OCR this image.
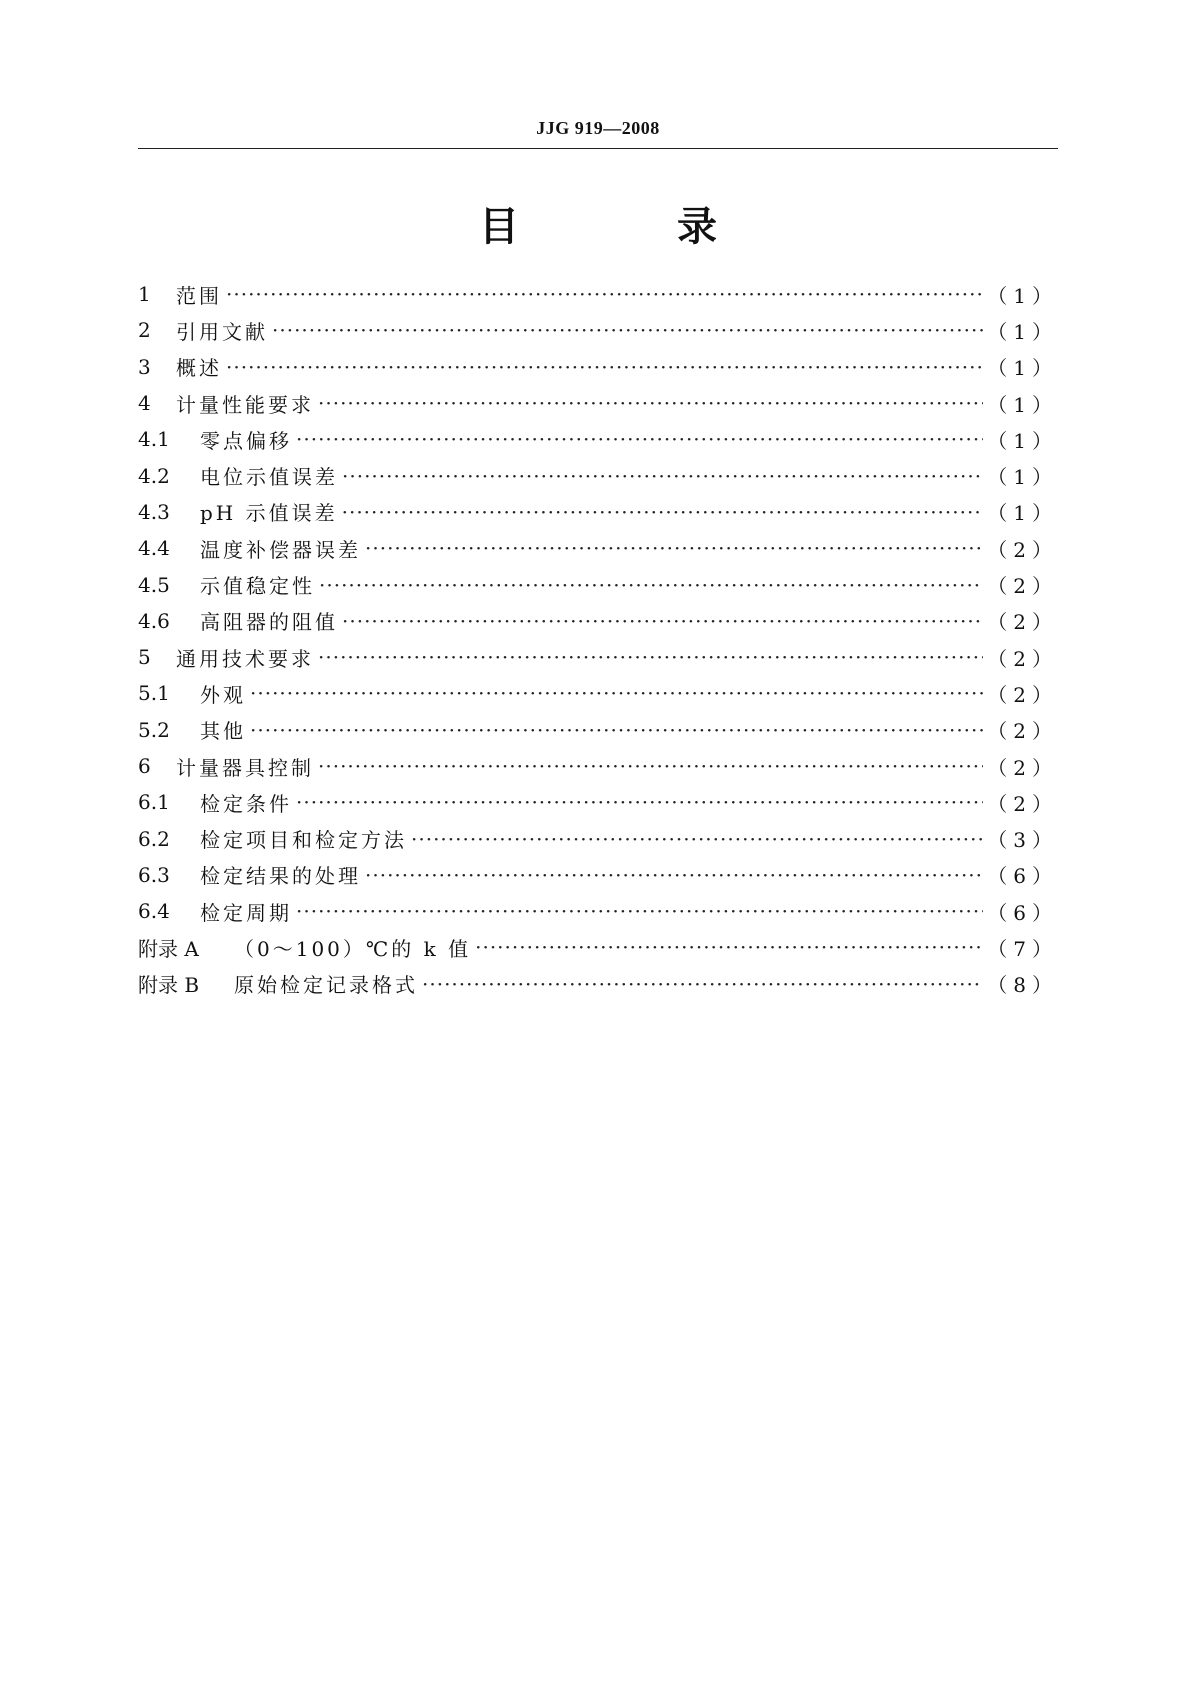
JJG 919—2008
目 录
1	范围 ·····	（1）
2	引用文献 ·····	（1）
3	概述 ·····	（1）
4	计量性能要求 ·····	（1）
4.1	零点偏移 ·····	（1）
4.2	电位示值误差 ·····	（1）
4.3	pH 示值误差 ·····	（1）
4.4	温度补偿器误差 ·····	（2）
4.5	示值稳定性 ·····	（2）
4.6	高阻器的阻值 ·····	（2）
5	通用技术要求 ·····	（2）
5.1	外观 ·····	（2）
5.2	其他 ·····	（2）
6	计量器具控制 ·····	（2）
6.1	检定条件 ·····	（2）
6.2	检定项目和检定方法 ·····	（3）
6.3	检定结果的处理 ·····	（6）
6.4	检定周期 ·····	（6）
附录 A	（0～100）℃的 k 值 ·····	（7）
附录 B	原始检定记录格式 ·····	（8）
